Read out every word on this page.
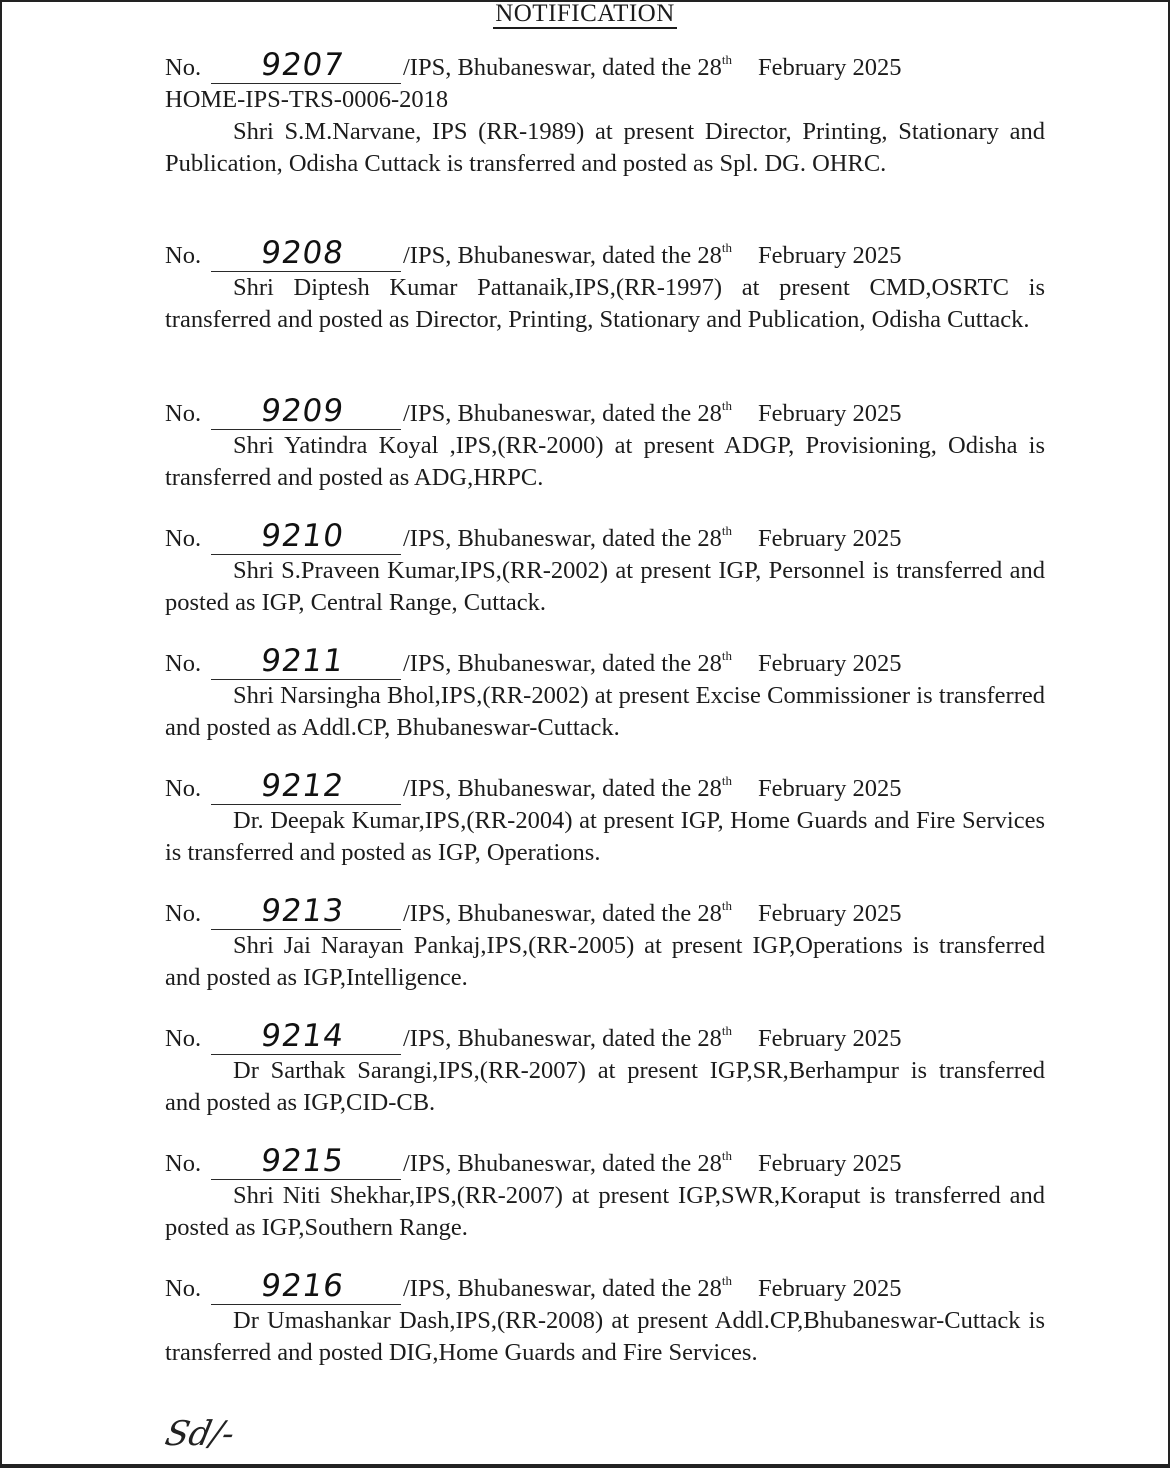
NOTIFICATION
No.	9207 /IPS, Bhubaneswar, dated the 28th February 2025
HOME-IPS-TRS-0006-2018
Shri S.M.Narvane, IPS (RR-1989) at present Director, Printing, Stationary and Publication, Odisha Cuttack is transferred and posted as Spl. DG. OHRC.
No.	9208 /IPS, Bhubaneswar, dated the 28th February 2025
Shri Diptesh Kumar Pattanaik,IPS,(RR-1997) at present CMD,OSRTC is transferred and posted as Director, Printing, Stationary and Publication, Odisha Cuttack.
No.	9209 /IPS, Bhubaneswar, dated the 28th February 2025
Shri Yatindra Koyal ,IPS,(RR-2000) at present ADGP, Provisioning, Odisha is transferred and posted as ADG,HRPC.
No.	9210 /IPS, Bhubaneswar, dated the 28th February 2025
Shri S.Praveen Kumar,IPS,(RR-2002) at present IGP, Personnel is transferred and posted as IGP, Central Range, Cuttack.
No.	9211 /IPS, Bhubaneswar, dated the 28th February 2025
Shri Narsingha Bhol,IPS,(RR-2002) at present Excise Commissioner is transferred and posted as Addl.CP, Bhubaneswar-Cuttack.
No.	9212 /IPS, Bhubaneswar, dated the 28th February 2025
Dr. Deepak Kumar,IPS,(RR-2004) at present IGP, Home Guards and Fire Services is transferred and posted as IGP, Operations.
No.	9213 /IPS, Bhubaneswar, dated the 28th February 2025
Shri Jai Narayan Pankaj,IPS,(RR-2005) at present IGP,Operations is transferred and posted as IGP,Intelligence.
No.	9214 /IPS, Bhubaneswar, dated the 28th February 2025
Dr Sarthak Sarangi,IPS,(RR-2007) at present IGP,SR,Berhampur is transferred and posted as IGP,CID-CB.
No.	9215 /IPS, Bhubaneswar, dated the 28th February 2025
Shri Niti Shekhar,IPS,(RR-2007) at present IGP,SWR,Koraput is transferred and posted as IGP,Southern Range.
No.	9216 /IPS, Bhubaneswar, dated the 28th February 2025
Dr Umashankar Dash,IPS,(RR-2008) at present Addl.CP,Bhubaneswar-Cuttack is transferred and posted DIG,Home Guards and Fire Services.
Sd/-
